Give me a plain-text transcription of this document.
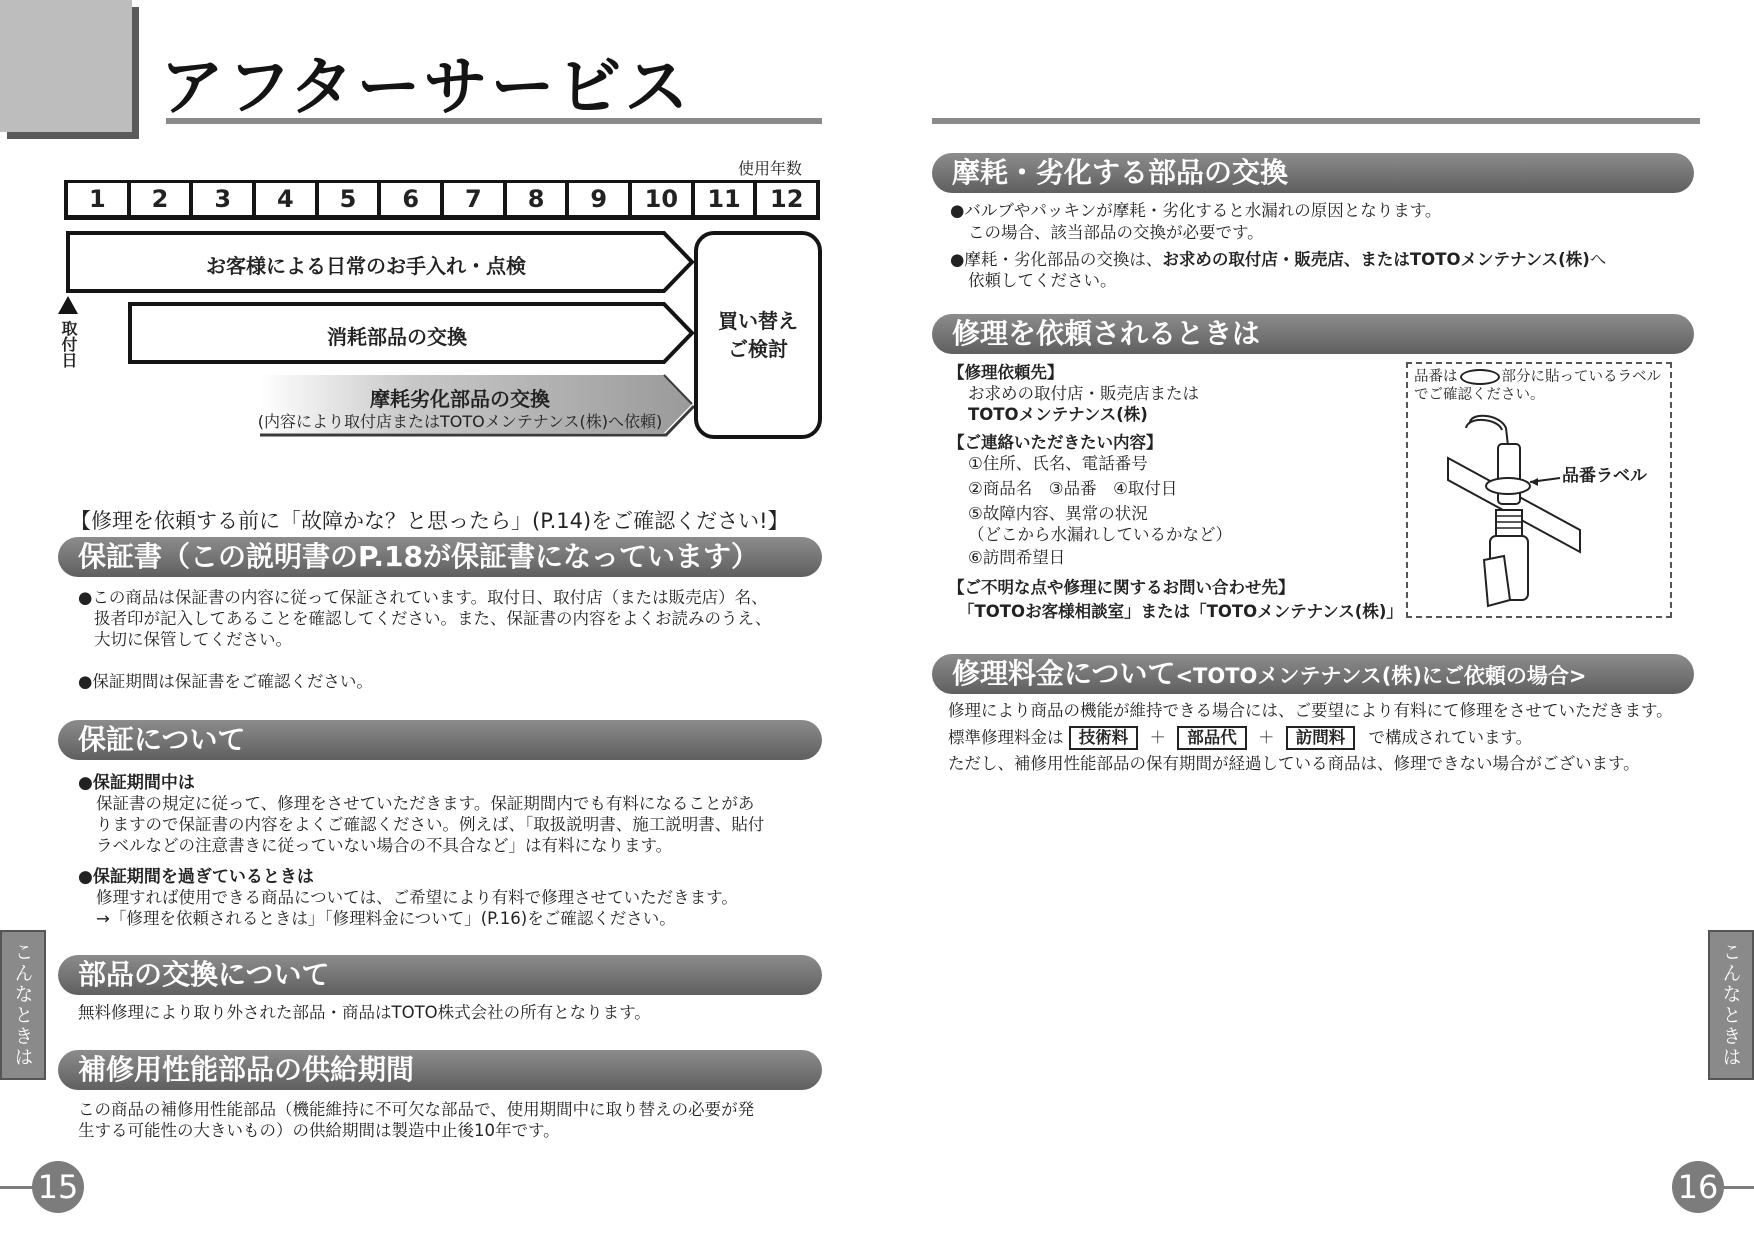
アフターサービス
使用年数
1	2	3	4	5	6	7	8	9	10	11	12
お客様による日常のお手入れ・点検
消耗部品の交換
摩耗劣化部品の交換
(内容により取付店またはTOTOメンテナンス(株)へ依頼)
買い替え
ご検討
取付日
【修理を依頼する前に「故障かな？と思ったら」(P.14)をご確認ください!】
保証書（この説明書のP.18が保証書になっています）
●この商品は保証書の内容に従って保証されています。取付日、取付店（または販売店）名、
扱者印が記入してあることを確認してください。また、保証書の内容をよくお読みのうえ、
大切に保管してください。
●保証期間は保証書をご確認ください。
保証について
●保証期間中は
保証書の規定に従って、修理をさせていただきます。保証期間内でも有料になることがあ
りますので保証書の内容をよくご確認ください。例えば、「取扱説明書、施工説明書、貼付
ラベルなどの注意書きに従っていない場合の不具合など」は有料になります。
●保証期間を過ぎているときは
修理すれば使用できる商品については、ご希望により有料で修理させていただきます。
→「修理を依頼されるときは」「修理料金について」(P.16)をご確認ください。
部品の交換について
無料修理により取り外された部品・商品はTOTO株式会社の所有となります。
補修用性能部品の供給期間
この商品の補修用性能部品（機能維持に不可欠な部品で、使用期間中に取り替えの必要が発
生する可能性の大きいもの）の供給期間は製造中止後10年です。
こんなときは
15
摩耗・劣化する部品の交換
●バルブやパッキンが摩耗・劣化すると水漏れの原因となります。
この場合、該当部品の交換が必要です。
●摩耗・劣化部品の交換は、お求めの取付店・販売店、またはTOTOメンテナンス(株)へ
依頼してください。
修理を依頼されるときは
【修理依頼先】
お求めの取付店・販売店または
TOTOメンテナンス(株)
【ご連絡いただきたい内容】
①住所、氏名、電話番号
②商品名　③品番　④取付日
⑤故障内容、異常の状況
（どこから水漏れしているかなど）
⑥訪問希望日
【ご不明な点や修理に関するお問い合わせ先】
「TOTOお客様相談室」または「TOTOメンテナンス(株)」
品番は	部分に貼っているラベル
でご確認ください。
品番ラベル
修理料金について<TOTOメンテナンス(株)にご依頼の場合>
修理により商品の機能が維持できる場合には、ご要望により有料にて修理をさせていただきます。
標準修理料金は 技術料 ＋ 部品代 ＋ 訪問料 で構成されています。
ただし、補修用性能部品の保有期間が経過している商品は、修理できない場合がございます。
こんなときは
16
